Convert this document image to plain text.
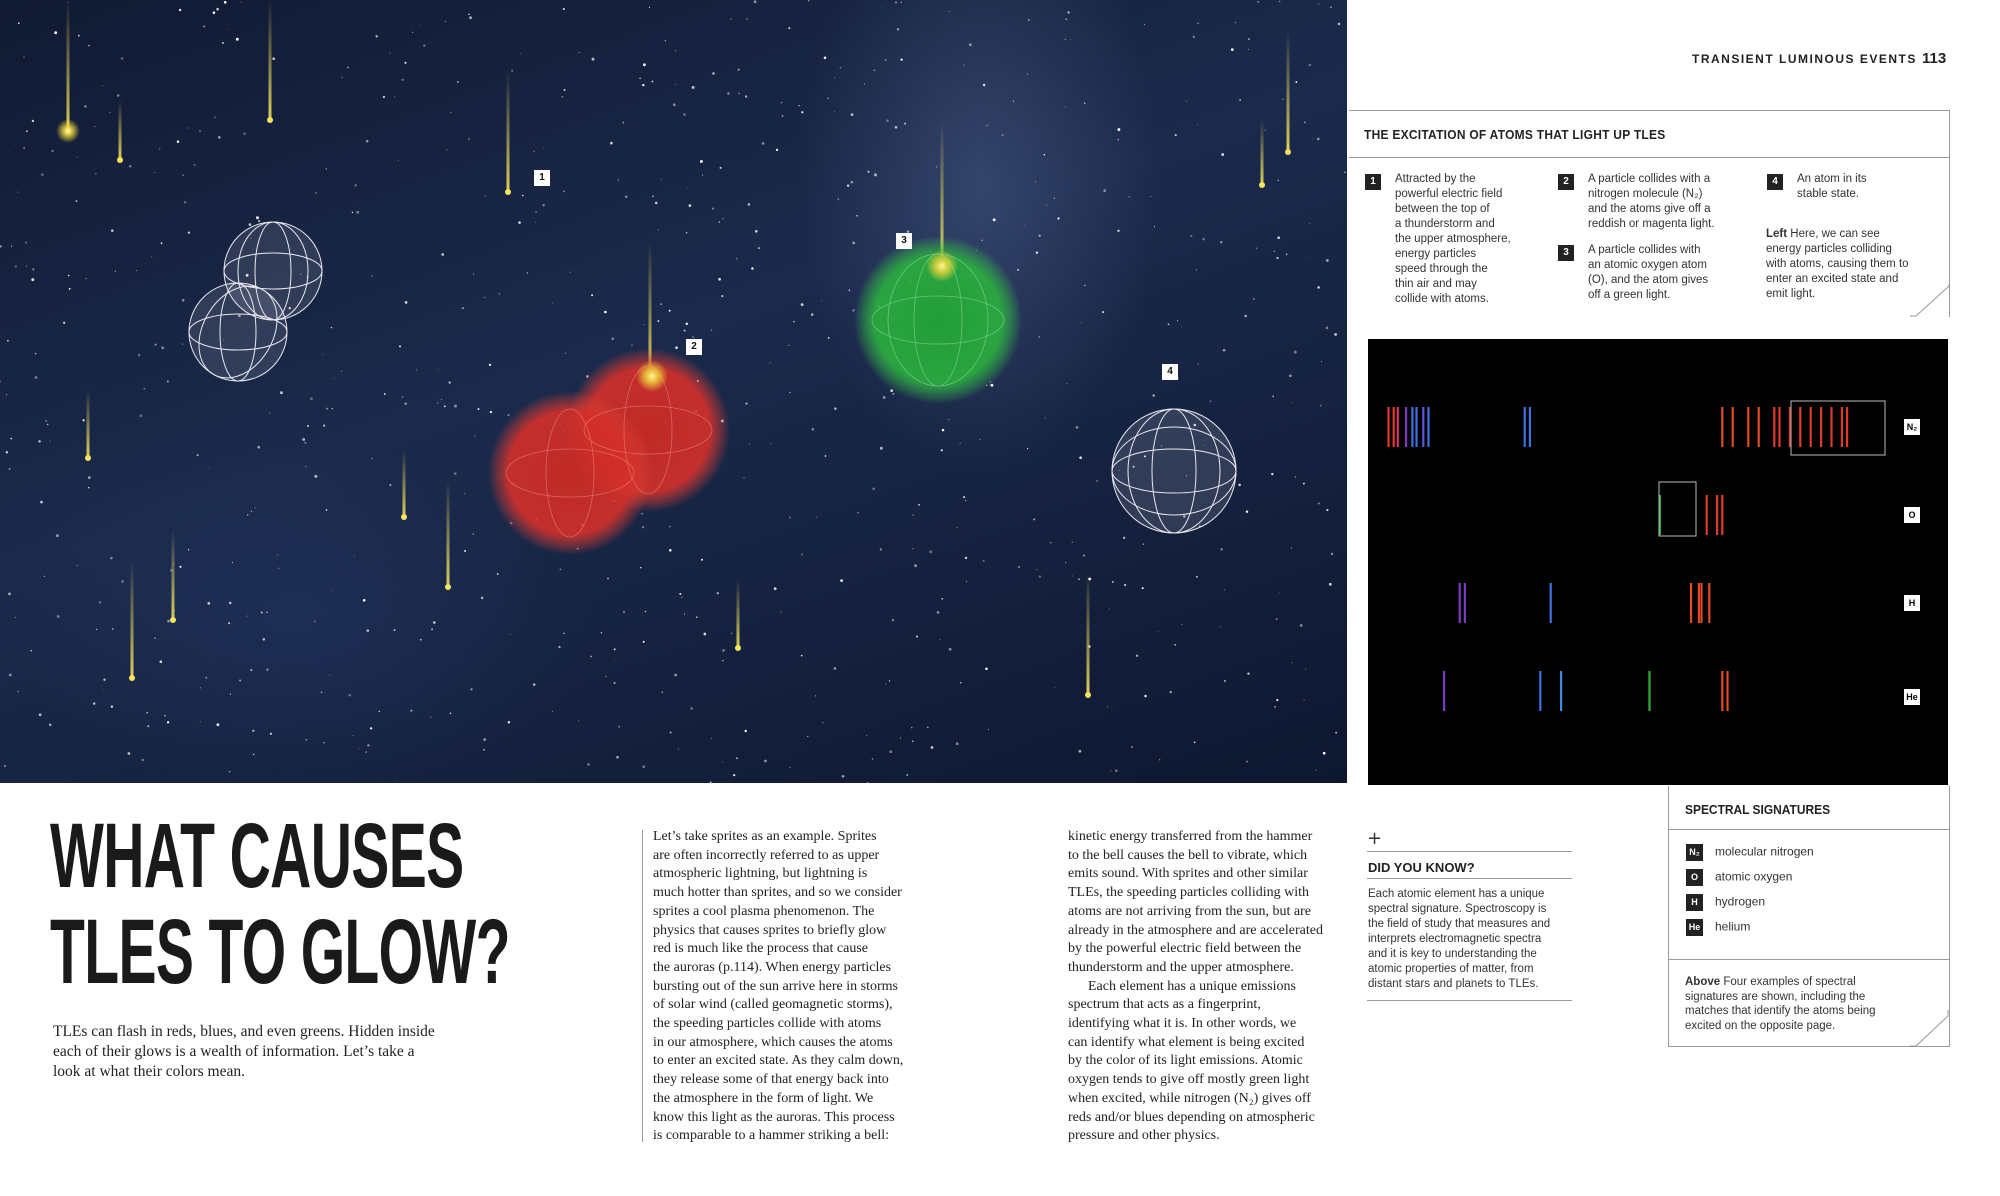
1
2
3
4
TRANSIENT LUMINOUS EVENTS 113
THE EXCITATION OF ATOMS THAT LIGHT UP TLES
1	Attracted by the
powerful electric field
between the top of
a thunderstorm and
the upper atmosphere,
energy particles
speed through the
thin air and may
collide with atoms.
2	A particle collides with a
nitrogen molecule (N₂)
and the atoms give off a
reddish or magenta light.
3	A particle collides with
an atomic oxygen atom
(O), and the atom gives
off a green light.
4	An atom in its
stable state.
Left Here, we can see
energy particles colliding
with atoms, causing them to
enter an excited state and
emit light.
N₂
O
H
He
WHAT CAUSES
TLES TO GLOW?
TLEs can flash in reds, blues, and even greens. Hidden inside
each of their glows is a wealth of information. Let’s take a
look at what their colors mean.
Let’s take sprites as an example. Sprites
are often incorrectly referred to as upper
atmospheric lightning, but lightning is
much hotter than sprites, and so we consider
sprites a cool plasma phenomenon. The
physics that causes sprites to briefly glow
red is much like the process that cause
the auroras (p.114). When energy particles
bursting out of the sun arrive here in storms
of solar wind (called geomagnetic storms),
the speeding particles collide with atoms
in our atmosphere, which causes the atoms
to enter an excited state. As they calm down,
they release some of that energy back into
the atmosphere in the form of light. We
know this light as the auroras. This process
is comparable to a hammer striking a bell:
kinetic energy transferred from the hammer
to the bell causes the bell to vibrate, which
emits sound. With sprites and other similar
TLEs, the speeding particles colliding with
atoms are not arriving from the sun, but are
already in the atmosphere and are accelerated
by the powerful electric field between the
thunderstorm and the upper atmosphere.
Each element has a unique emissions
spectrum that acts as a fingerprint,
identifying what it is. In other words, we
can identify what element is being excited
by the color of its light emissions. Atomic
oxygen tends to give off mostly green light
when excited, while nitrogen (N₂) gives off
reds and/or blues depending on atmospheric
pressure and other physics.
+
DID YOU KNOW?
Each atomic element has a unique
spectral signature. Spectroscopy is
the field of study that measures and
interprets electromagnetic spectra
and it is key to understanding the
atomic properties of matter, from
distant stars and planets to TLEs.
SPECTRAL SIGNATURES
N₂ molecular nitrogen
O atomic oxygen
H hydrogen
He helium
Above Four examples of spectral
signatures are shown, including the
matches that identify the atoms being
excited on the opposite page.
